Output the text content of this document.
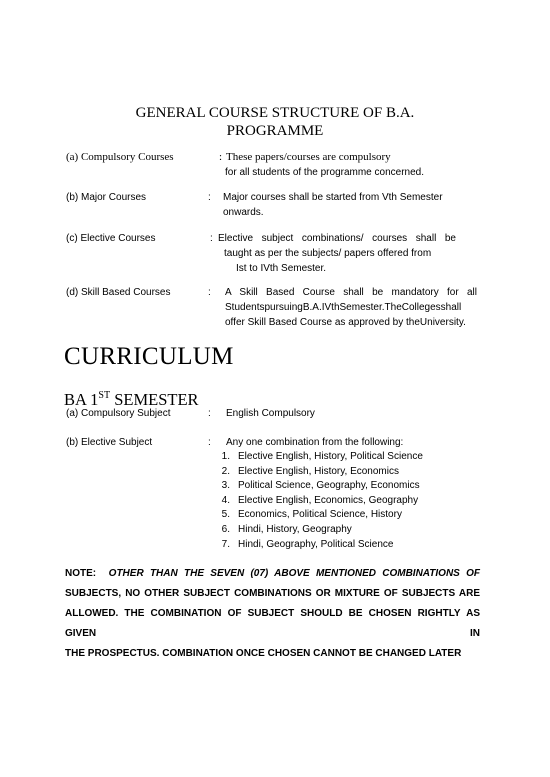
GENERAL COURSE STRUCTURE OF B.A.
PROGRAMME
(a) Compulsory Courses	: These papers/courses are compulsory
for all students of the programme concerned.
(b) Major Courses	: Major courses shall be started from Vth Semester
onwards.
(c) Elective Courses	: Elective subject combinations/ courses shall be
taught as per the subjects/ papers offered from
Ist to IVth Semester.
(d) Skill Based Courses	: A Skill Based Course shall be mandatory for all
StudentspursuingB.A.IVthSemester.TheCollegesshall
offer Skill Based Course as approved by theUniversity.
CURRICULUM
BA 1ST SEMESTER
(a) Compulsory Subject	: English Compulsory
(b) Elective Subject	: Any one combination from the following:
1. Elective English, History, Political Science
2. Elective English, History, Economics
3. Political Science, Geography, Economics
4. Elective English, Economics, Geography
5. Economics, Political Science, History
6. Hindi, History, Geography
7. Hindi, Geography, Political Science
NOTE: OTHER THAN THE SEVEN (07) ABOVE MENTIONED COMBINATIONS OF
SUBJECTS, NO OTHER SUBJECT COMBINATIONS OR MIXTURE OF SUBJECTS ARE
ALLOWED. THE COMBINATION OF SUBJECT SHOULD BE CHOSEN RIGHTLY AS GIVEN IN
THE PROSPECTUS. COMBINATION ONCE CHOSEN CANNOT BE CHANGED LATER
